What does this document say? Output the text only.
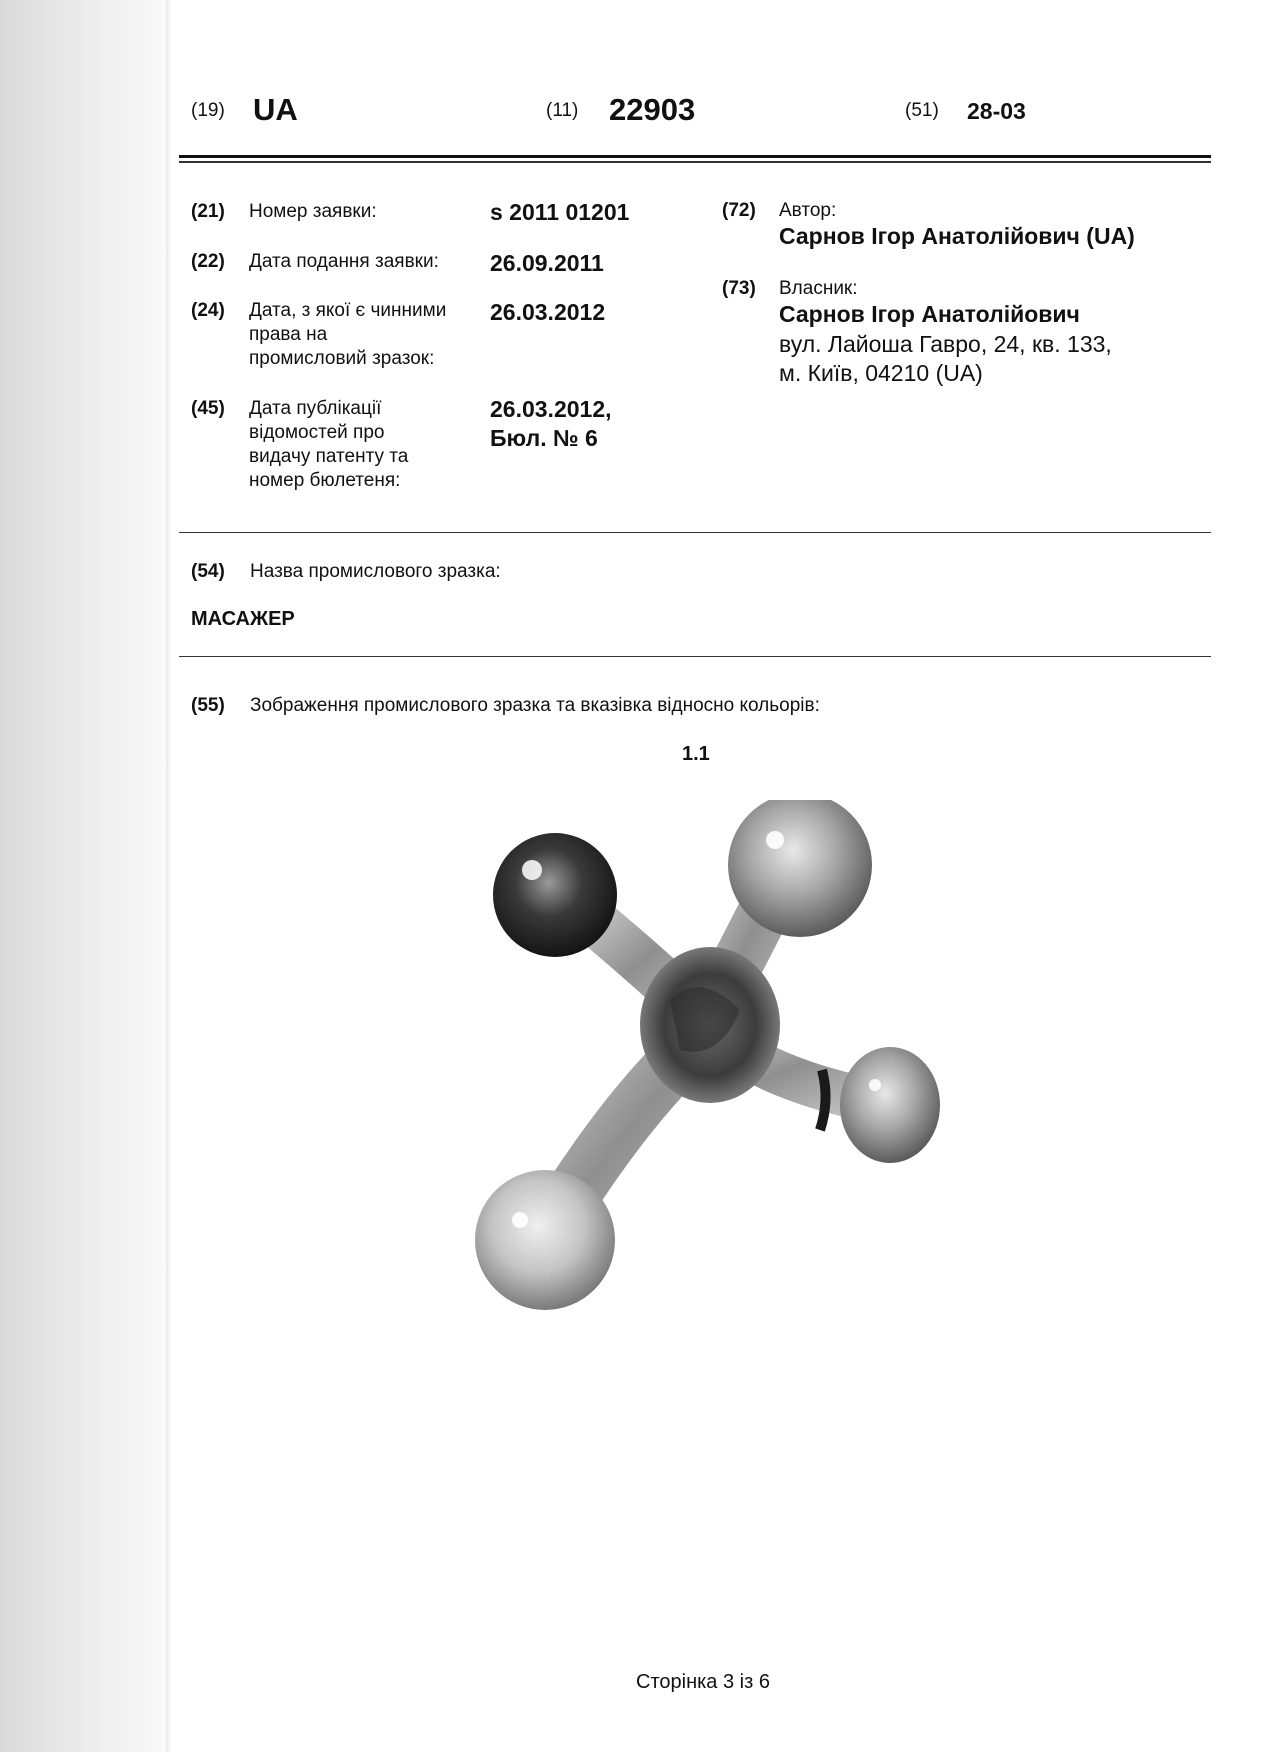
(19) UA	(11) 22903	(51) 28-03
(21) Номер заявки:	s 2011 01201
(22) Дата подання заявки: 26.09.2011
(24) Дата, з якої є чинними
права на
промисловий зразок:
26.03.2012
(45) Дата публікації
відомостей про
видачу патенту та
номер бюлетеня:
26.03.2012,
Бюл. № 6
(72) Автор:
Сарнов Ігор Анатолійович (UA)
(73) Власник:
Сарнов Ігор Анатолійович
вул. Лайоша Гавро, 24, кв. 133,
м. Київ, 04210 (UA)
(54) Назва промислового зразка:
МАСАЖЕР
(55) Зображення промислового зразка та вказівка відносно кольорів:
1.1
Сторінка 3 із 6
